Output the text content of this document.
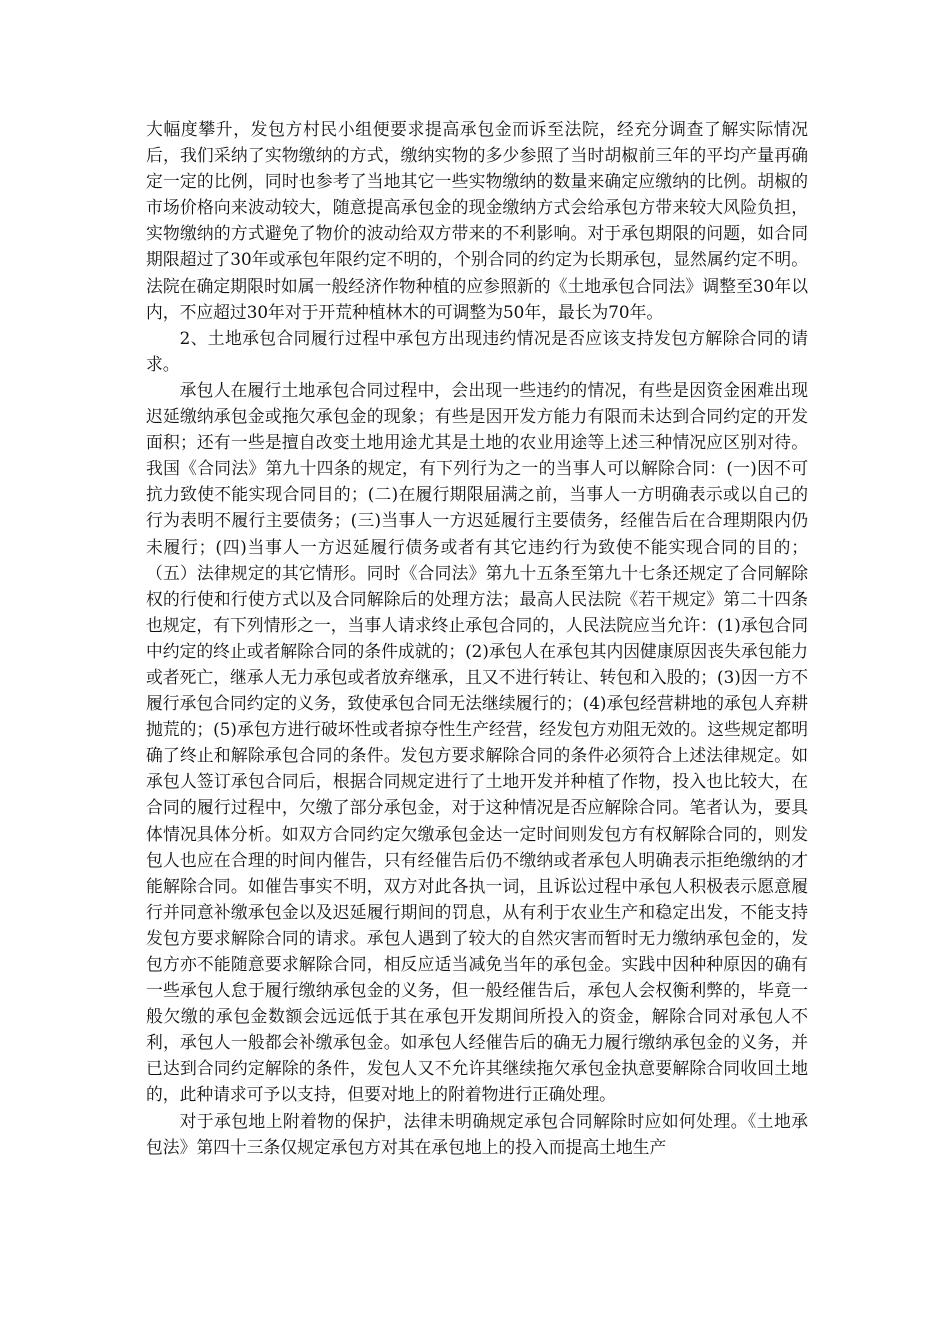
大幅度攀升，发包方村民小组便要求提高承包金而诉至法院，经充分调查了解实际情况后，我们采纳了实物缴纳的方式，缴纳实物的多少参照了当时胡椒前三年的平均产量再确定一定的比例，同时也参考了当地其它一些实物缴纳的数量来确定应缴纳的比例。胡椒的市场价格向来波动较大，随意提高承包金的现金缴纳方式会给承包方带来较大风险负担，实物缴纳的方式避免了物价的波动给双方带来的不利影响。对于承包期限的问题，如合同期限超过了30年或承包年限约定不明的，个别合同的约定为长期承包，显然属约定不明。法院在确定期限时如属一般经济作物种植的应参照新的《土地承包合同法》调整至30年以内，不应超过30年对于开荒种植林木的可调整为50年，最长为70年。

2、土地承包合同履行过程中承包方出现违约情况是否应该支持发包方解除合同的请求。

承包人在履行土地承包合同过程中，会出现一些违约的情况，有些是因资金困难出现迟延缴纳承包金或拖欠承包金的现象；有些是因开发方能力有限而未达到合同约定的开发面积；还有一些是擅自改变土地用途尤其是土地的农业用途等上述三种情况应区别对待。我国《合同法》第九十四条的规定，有下列行为之一的当事人可以解除合同：(一)因不可抗力致使不能实现合同目的；(二)在履行期限届满之前，当事人一方明确表示或以自己的行为表明不履行主要债务；(三)当事人一方迟延履行主要债务，经催告后在合理期限内仍未履行；(四)当事人一方迟延履行债务或者有其它违约行为致使不能实现合同的目的；（五）法律规定的其它情形。同时《合同法》第九十五条至第九十七条还规定了合同解除权的行使和行使方式以及合同解除后的处理方法；最高人民法院《若干规定》第二十四条也规定，有下列情形之一，当事人请求终止承包合同的，人民法院应当允许：(1)承包合同中约定的终止或者解除合同的条件成就的；(2)承包人在承包其内因健康原因丧失承包能力或者死亡，继承人无力承包或者放弃继承，且又不进行转让、转包和入股的；(3)因一方不履行承包合同约定的义务，致使承包合同无法继续履行的；(4)承包经营耕地的承包人弃耕抛荒的；(5)承包方进行破坏性或者掠夺性生产经营，经发包方劝阻无效的。这些规定都明确了终止和解除承包合同的条件。发包方要求解除合同的条件必须符合上述法律规定。如承包人签订承包合同后，根据合同规定进行了土地开发并种植了作物，投入也比较大，在合同的履行过程中，欠缴了部分承包金，对于这种情况是否应解除合同。笔者认为，要具体情况具体分析。如双方合同约定欠缴承包金达一定时间则发包方有权解除合同的，则发包人也应在合理的时间内催告，只有经催告后仍不缴纳或者承包人明确表示拒绝缴纳的才能解除合同。如催告事实不明，双方对此各执一词，且诉讼过程中承包人积极表示愿意履行并同意补缴承包金以及迟延履行期间的罚息，从有利于农业生产和稳定出发，不能支持发包方要求解除合同的请求。承包人遇到了较大的自然灾害而暂时无力缴纳承包金的，发包方亦不能随意要求解除合同，相反应适当减免当年的承包金。实践中因种种原因的确有一些承包人怠于履行缴纳承包金的义务，但一般经催告后，承包人会权衡利弊的，毕竟一般欠缴的承包金数额会远远低于其在承包开发期间所投入的资金，解除合同对承包人不利，承包人一般都会补缴承包金。如承包人经催告后的确无力履行缴纳承包金的义务，并已达到合同约定解除的条件，发包人又不允许其继续拖欠承包金执意要解除合同收回土地的，此种请求可予以支持，但要对地上的附着物进行正确处理。

对于承包地上附着物的保护，法律未明确规定承包合同解除时应如何处理。《土地承包法》第四十三条仅规定承包方对其在承包地上的投入而提高土地生产
